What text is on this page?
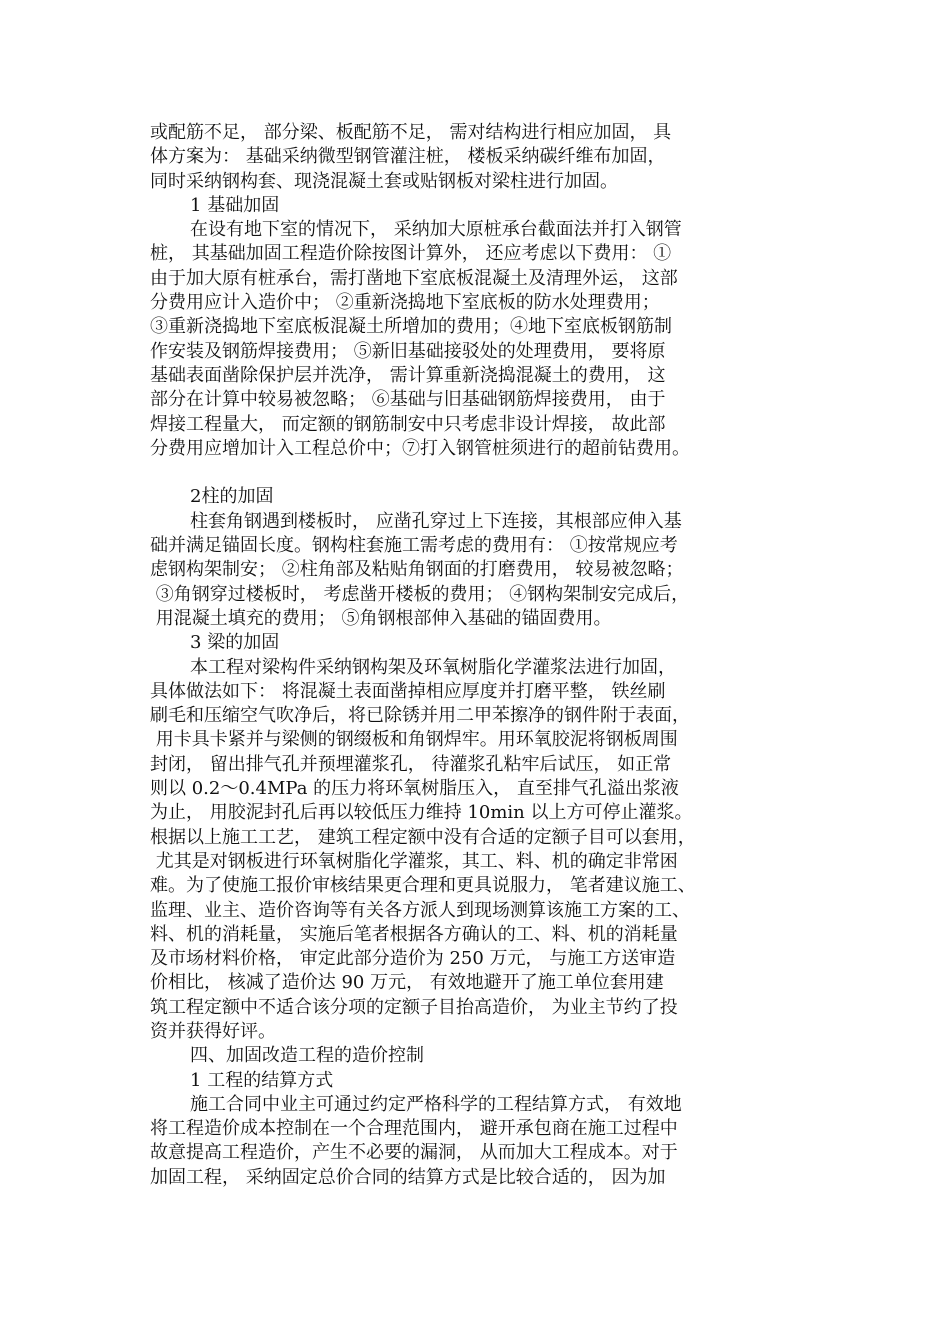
或配筋不足， 部分梁、板配筋不足， 需对结构进行相应加固， 具
体方案为： 基础采纳微型钢管灌注桩， 楼板采纳碳纤维布加固，
同时采纳钢构套、现浇混凝土套或贴钢板对梁柱进行加固。
1 基础加固
在设有地下室的情况下， 采纳加大原桩承台截面法并打入钢管
桩， 其基础加固工程造价除按图计算外， 还应考虑以下费用： ①
由于加大原有桩承台，需打凿地下室底板混凝土及清理外运， 这部
分费用应计入造价中； ②重新浇捣地下室底板的防水处理费用；
③重新浇捣地下室底板混凝土所增加的费用；④地下室底板钢筋制
作安装及钢筋焊接费用； ⑤新旧基础接驳处的处理费用， 要将原
基础表面凿除保护层并洗净， 需计算重新浇捣混凝土的费用， 这
部分在计算中较易被忽略； ⑥基础与旧基础钢筋焊接费用， 由于
焊接工程量大， 而定额的钢筋制安中只考虑非设计焊接， 故此部
分费用应增加计入工程总价中；⑦打入钢管桩须进行的超前钻费用。
2柱的加固
柱套角钢遇到楼板时， 应凿孔穿过上下连接，其根部应伸入基
础并满足锚固长度。钢构柱套施工需考虑的费用有： ①按常规应考
虑钢构架制安； ②柱角部及粘贴角钢面的打磨费用， 较易被忽略；
③角钢穿过楼板时， 考虑凿开楼板的费用； ④钢构架制安完成后，
用混凝土填充的费用； ⑤角钢根部伸入基础的锚固费用。
3 梁的加固
本工程对梁构件采纳钢构架及环氧树脂化学灌浆法进行加固，
具体做法如下： 将混凝土表面凿掉相应厚度并打磨平整， 铁丝刷
刷毛和压缩空气吹净后，将已除锈并用二甲苯擦净的钢件附于表面，
用卡具卡紧并与梁侧的钢缀板和角钢焊牢。用环氧胶泥将钢板周围
封闭， 留出排气孔并预埋灌浆孔， 待灌浆孔粘牢后试压， 如正常
则以 0.2～0.4MPa 的压力将环氧树脂压入， 直至排气孔溢出浆液
为止， 用胶泥封孔后再以较低压力维持 10min 以上方可停止灌浆。
根据以上施工工艺， 建筑工程定额中没有合适的定额子目可以套用，
尤其是对钢板进行环氧树脂化学灌浆，其工、料、机的确定非常困
难。为了使施工报价审核结果更合理和更具说服力， 笔者建议施工、
监理、业主、造价咨询等有关各方派人到现场测算该施工方案的工、
料、机的消耗量， 实施后笔者根据各方确认的工、料、机的消耗量
及市场材料价格， 审定此部分造价为 250 万元， 与施工方送审造
价相比， 核减了造价达 90 万元， 有效地避开了施工单位套用建
筑工程定额中不适合该分项的定额子目抬高造价， 为业主节约了投
资并获得好评。
四、加固改造工程的造价控制
1 工程的结算方式
施工合同中业主可通过约定严格科学的工程结算方式， 有效地
将工程造价成本控制在一个合理范围内， 避开承包商在施工过程中
故意提高工程造价，产生不必要的漏洞， 从而加大工程成本。对于
加固工程， 采纳固定总价合同的结算方式是比较合适的， 因为加
